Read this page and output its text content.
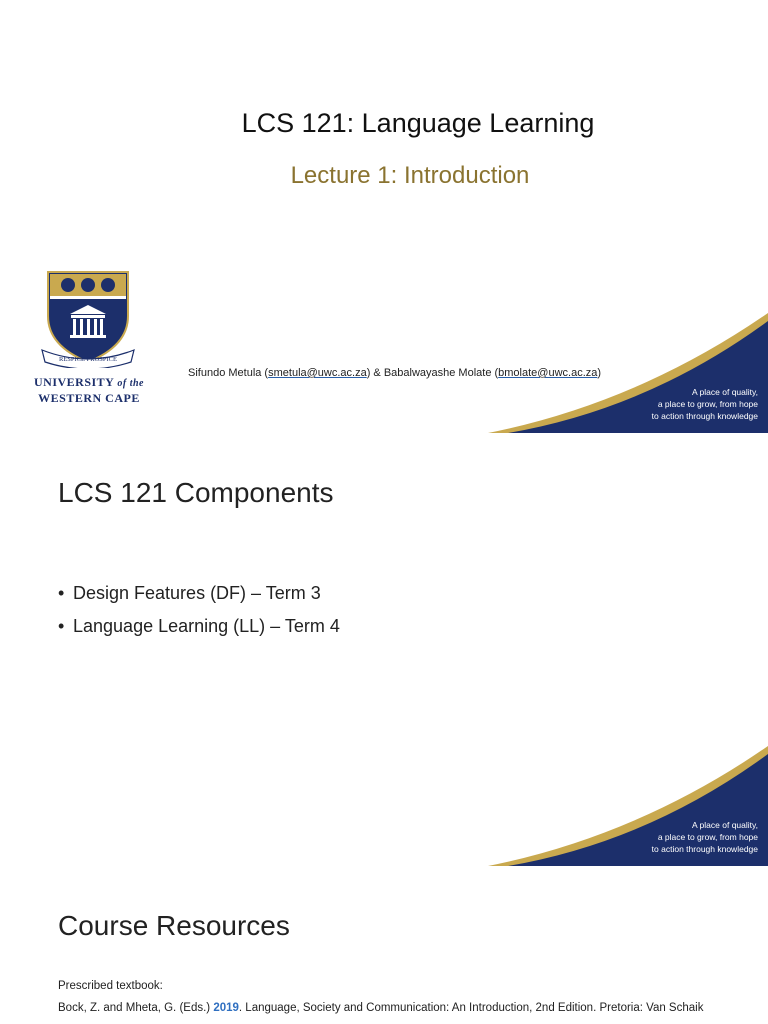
LCS 121: Language Learning
Lecture 1: Introduction
RESPICE PROSPICE
UNIVERSITY of the
WESTERN CAPE
Sifundo Metula (smetula@uwc.ac.za) & Babalwayashe Molate (bmolate@uwc.ac.za)
A place of quality,
a place to grow, from hope
to action through knowledge
LCS 121 Components
• Design Features (DF) – Term 3
• Language Learning (LL) – Term 4
A place of quality,
a place to grow, from hope
to action through knowledge
Course Resources

Prescribed textbook:

Bock, Z. and Mheta, G. (Eds.) 2019. Language, Society and Communication: An Introduction, 2nd Edition. Pretoria: Van Schaik
